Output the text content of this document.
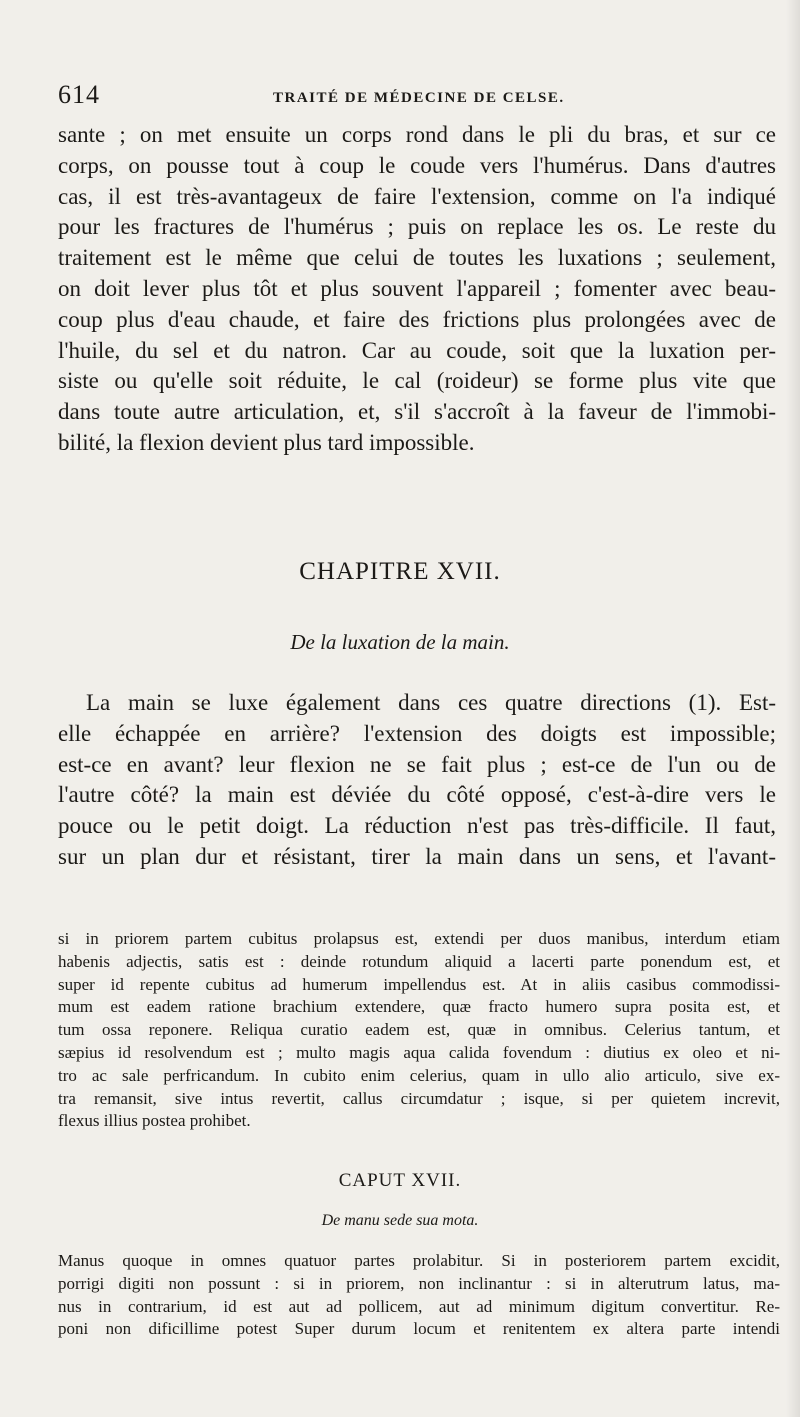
614	TRAITÉ DE MÉDECINE DE CELSE.
sante ; on met ensuite un corps rond dans le pli du bras, et sur ce
corps, on pousse tout à coup le coude vers l'humérus. Dans d'autres
cas, il est très-avantageux de faire l'extension, comme on l'a indiqué
pour les fractures de l'humérus ; puis on replace les os. Le reste du
traitement est le même que celui de toutes les luxations ; seulement,
on doit lever plus tôt et plus souvent l'appareil ; fomenter avec beau-
coup plus d'eau chaude, et faire des frictions plus prolongées avec de
l'huile, du sel et du natron. Car au coude, soit que la luxation per-
siste ou qu'elle soit réduite, le cal (roideur) se forme plus vite que
dans toute autre articulation, et, s'il s'accroît à la faveur de l'immobi-
bilité, la flexion devient plus tard impossible.
CHAPITRE XVII.
De la luxation de la main.
La main se luxe également dans ces quatre directions (1). Est-
elle échappée en arrière? l'extension des doigts est impossible;
est-ce en avant? leur flexion ne se fait plus ; est-ce de l'un ou de
l'autre côté? la main est déviée du côté opposé, c'est-à-dire vers le
pouce ou le petit doigt. La réduction n'est pas très-difficile. Il faut,
sur un plan dur et résistant, tirer la main dans un sens, et l'avant-
si in priorem partem cubitus prolapsus est, extendi per duos manibus, interdum etiam
habenis adjectis, satis est : deinde rotundum aliquid a lacerti parte ponendum est, et
super id repente cubitus ad humerum impellendus est. At in aliis casibus commodissi-
mum est eadem ratione brachium extendere, quæ fracto humero supra posita est, et
tum ossa reponere. Reliqua curatio eadem est, quæ in omnibus. Celerius tantum, et
sæpius id resolvendum est ; multo magis aqua calida fovendum : diutius ex oleo et ni-
tro ac sale perfricandum. In cubito enim celerius, quam in ullo alio articulo, sive ex-
tra remansit, sive intus revertit, callus circumdatur ; isque, si per quietem increvit,
flexus illius postea prohibet.
CAPUT XVII.
De manu sede sua mota.
Manus quoque in omnes quatuor partes prolabitur. Si in posteriorem partem excidit,
porrigi digiti non possunt : si in priorem, non inclinantur : si in alterutrum latus, ma-
nus in contrarium, id est aut ad pollicem, aut ad minimum digitum convertitur. Re-
poni non dificillime potest Super durum locum et renitentem ex altera parte intendi
